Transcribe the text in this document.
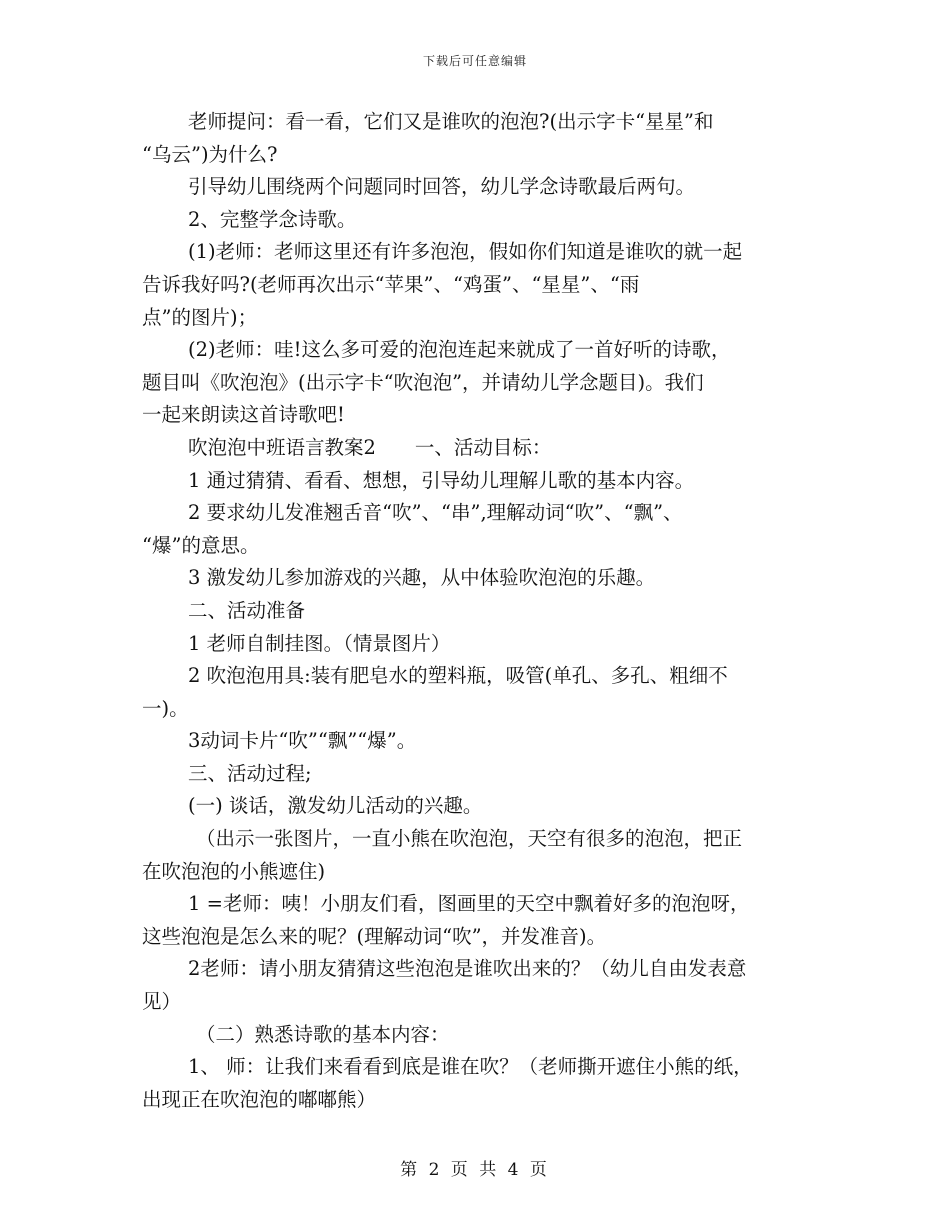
下载后可任意编辑
老师提问：看一看，它们又是谁吹的泡泡?(出示字卡“星星”和
“乌云”)为什么?
引导幼儿围绕两个问题同时回答，幼儿学念诗歌最后两句。
2、完整学念诗歌。
(1)老师：老师这里还有许多泡泡，假如你们知道是谁吹的就一起
告诉我好吗?(老师再次出示“苹果”、“鸡蛋”、“星星”、“雨
点”的图片)；
(2)老师：哇!这么多可爱的泡泡连起来就成了一首好听的诗歌，
题目叫《吹泡泡》(出示字卡“吹泡泡”，并请幼儿学念题目)。我们
一起来朗读这首诗歌吧!
吹泡泡中班语言教案2　　一、活动目标：
1 通过猜猜、看看、想想，引导幼儿理解儿歌的基本内容。
2 要求幼儿发准翘舌音“吹”、“串”,理解动词“吹”、“飘”、
“爆”的意思。
3 激发幼儿参加游戏的兴趣，从中体验吹泡泡的乐趣。
二、活动准备
1 老师自制挂图。（情景图片）
2 吹泡泡用具:装有肥皂水的塑料瓶，吸管(单孔、多孔、粗细不
一)。
3动词卡片“吹”“飘”“爆”。
三、活动过程;
(一) 谈话，激发幼儿活动的兴趣。
（出示一张图片，一直小熊在吹泡泡，天空有很多的泡泡，把正
在吹泡泡的小熊遮住)
1 =老师：咦！小朋友们看，图画里的天空中飘着好多的泡泡呀，
这些泡泡是怎么来的呢？(理解动词“吹”，并发准音)。
2老师：请小朋友猜猜这些泡泡是谁吹出来的？（幼儿自由发表意
见）
（二）熟悉诗歌的基本内容：
1、 师：让我们来看看到底是谁在吹？（老师撕开遮住小熊的纸，
出现正在吹泡泡的嘟嘟熊）
第 2 页 共 4 页
